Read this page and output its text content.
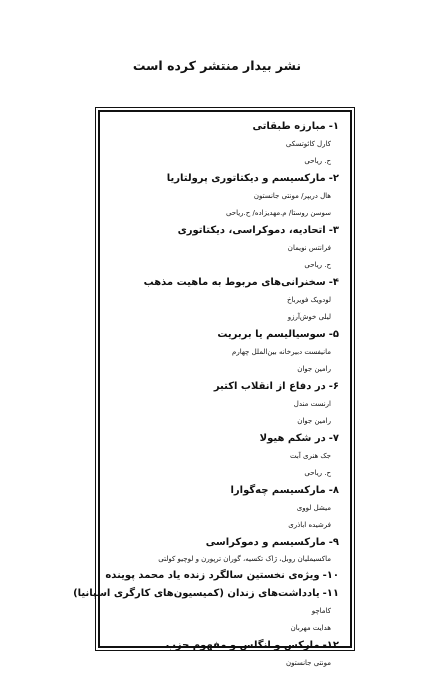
نشر بیدار منتشر کرده است
۱-مبارزه طبقاتی
کارل کائوتسکی
ح. ریاحی
۲-مارکسیسم و دیکتاتوری پرولتاریا
هال دریپر/ مونتی جانستون
سوسن روستا/ م.مهدیزاده/ ح.ریاحی
۳-اتحادیه، دموکراسی، دیکتاتوری
فرانتس نویمان
ح. ریاحی
۴-سخنرانی‌های مربوط به ماهیت مذهب
لودویک فویرباخ
لیلی خوش‌آرزو
۵-سوسیالیسم یا بربریت
مانیفست دبیرخانه بین‌الملل چهارم
رامین جوان
۶-در دفاع از انقلاب اکتبر
ارنست مندل
رامین جوان
۷-در شکم هیولا
جک هنری آبت
ح. ریاحی
۸-مارکسیسم چه‌گوارا
میشل لووی
فرشیده اباذری
۹-مارکسیسم و دموکراسی
ماکسیملیان روبل، ژاک تکسیه، گوران ترپورن و لوچیو کولتی
۱۰-ویژه‌ی نخستین سالگرد زنده یاد محمد پوینده
۱۱-یادداشت‌های زندان (کمیسیون‌های کارگری اسپانیا)
کاماچو
هدایت مهربان
۱۲-مارکس و انگلس و مفهوم حزب
مونتی جانستون
